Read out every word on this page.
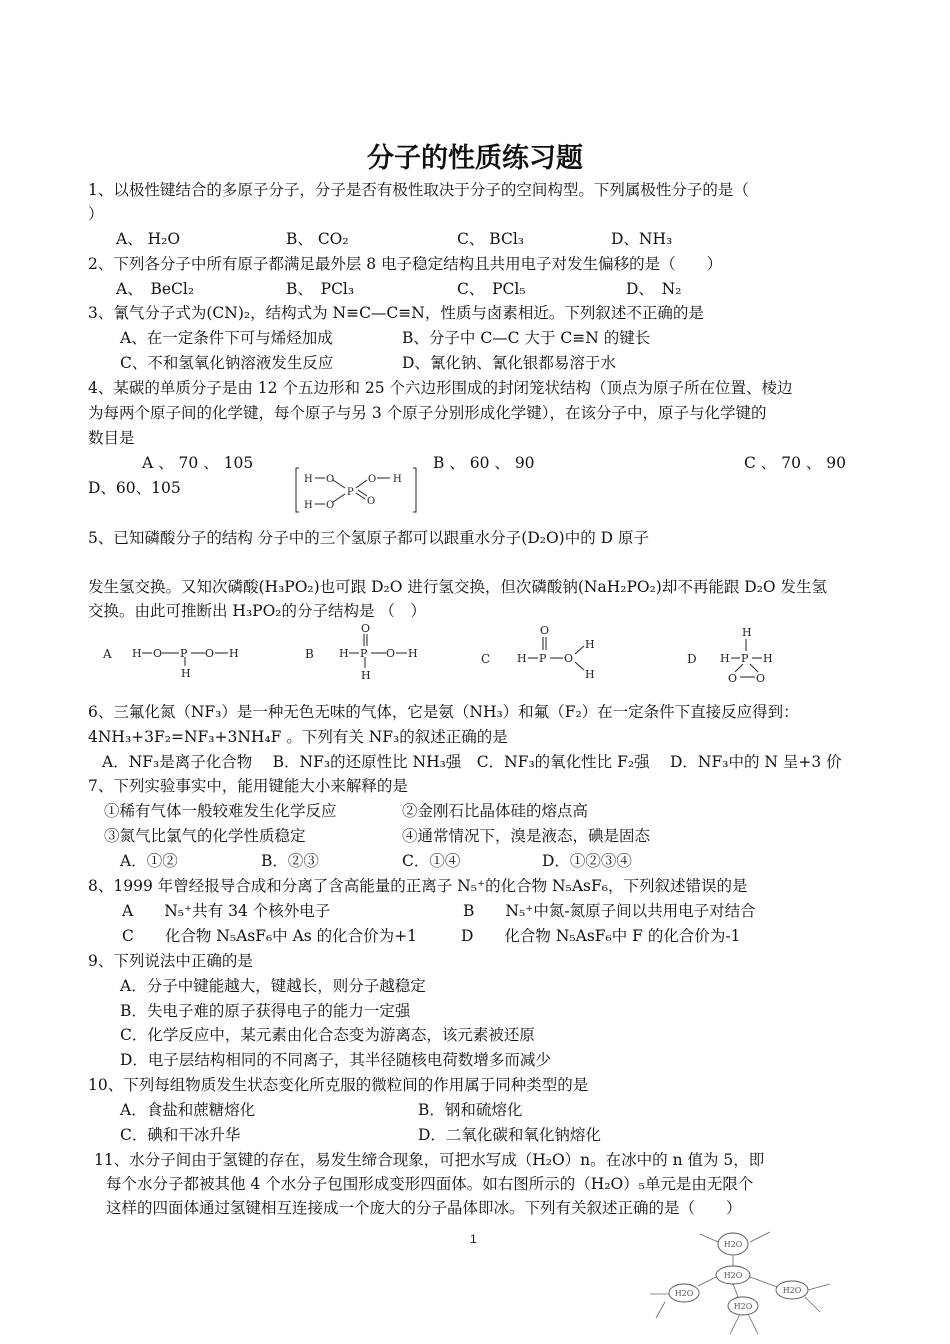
分子的性质练习题
1、以极性键结合的多原子分子，分子是否有极性取决于分子的空间构型。下列属极性分子的是（
）
A、 H₂O	B、 CO₂	C、 BCl₃	D、NH₃
2、下列各分子中所有原子都满足最外层 8 电子稳定结构且共用电子对发生偏移的是（　　）
A、　BeCl₂	B、　PCl₃	C、　PCl₅	D、　N₂
3、氰气分子式为(CN)₂，结构式为 N≡C—C≡N，性质与卤素相近。下列叙述不正确的是
A、在一定条件下可与烯烃加成	B、分子中 C—C 大于 C≡N 的键长
C、不和氢氧化钠溶液发生反应	D、氰化钠、氰化银都易溶于水
4、某碳的单质分子是由 12 个五边形和 25 个六边形围成的封闭笼状结构（顶点为原子所在位置、棱边
为每两个原子间的化学键，每个原子与另 3 个原子分别形成化学键），在该分子中，原子与化学键的
数目是
A 、 70 、 105	B 、 60 、 90	C 、 70 、 90
D、60、105	H O
H O
P
O
O
H
5、已知磷酸分子的结构 分子中的三个氢原子都可以跟重水分子(D₂O)中的 D 原子
发生氢交换。又知次磷酸(H₃PO₂)也可跟 D₂O 进行氢交换，但次磷酸钠(NaH₂PO₂)却不再能跟 D₂O 发生氢
交换。由此可推断出 H₃PO₂的分子结构是 （　）
A	B	C	D
H O P O H
H
H P O H
O
H
H P O
O
H
H
H P H
H
O O
6、三氟化氮（NF₃）是一种无色无味的气体，它是氨（NH₃）和氟（F₂）在一定条件下直接反应得到：
4NH₃+3F₂=NF₃+3NH₄F 。下列有关 NF₃的叙述正确的是
A．NF₃是离子化合物　 B．NF₃的还原性比 NH₃强　C．NF₃的氧化性比 F₂强　 D．NF₃中的 N 呈+3 价
7、下列实验事实中，能用键能大小来解释的是
①稀有气体一般较难发生化学反应	②金刚石比晶体硅的熔点高
③氮气比氯气的化学性质稳定	④通常情况下，溴是液态，碘是固态
A．①②	B．②③	C．①④	D．①②③④
8、1999 年曾经报导合成和分离了含高能量的正离子 N₅⁺的化合物 N₅AsF₆，下列叙述错误的是
A　　N₅⁺共有 34 个核外电子	B　　N₅⁺中氮-氮原子间以共用电子对结合
C　　化合物 N₅AsF₆中 As 的化合价为+1	D　　化合物 N₅AsF₆中 F 的化合价为-1
9、下列说法中正确的是
A．分子中键能越大，键越长，则分子越稳定
B．失电子难的原子获得电子的能力一定强
C．化学反应中，某元素由化合态变为游离态，该元素被还原
D．电子层结构相同的不同离子，其半径随核电荷数增多而减少
10、下列每组物质发生状态变化所克服的微粒间的作用属于同种类型的是
A．食盐和蔗糖熔化	B．钢和硫熔化
C．碘和干冰升华	D．二氧化碳和氧化钠熔化
11、水分子间由于氢键的存在，易发生缔合现象，可把水写成（H₂O）n。在冰中的 n 值为 5，即
每个水分子都被其他 4 个水分子包围形成变形四面体。如右图所示的（H₂O）₅单元是由无限个
这样的四面体通过氢键相互连接成一个庞大的分子晶体即冰。下列有关叙述正确的是（　　）
1	H2O
H2O
H2O	H2O
H2O
